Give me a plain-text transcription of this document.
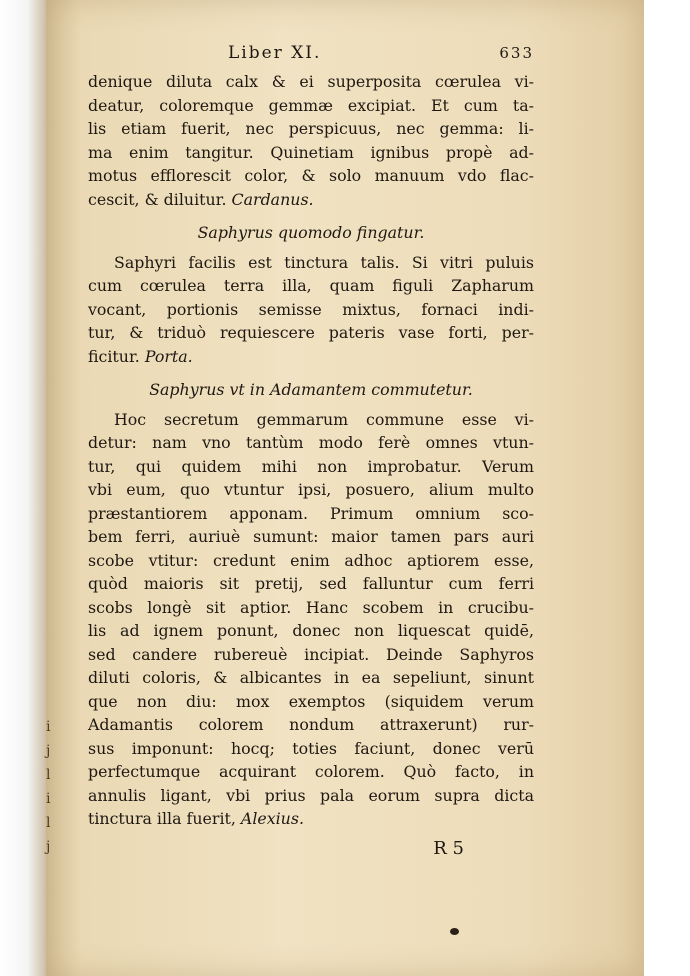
i
j
l
i
l
j
Liber XI.	633
denique diluta calx & ei superposita cœrulea vi-
deatur, coloremque gemmæ excipiat. Et cum ta-
lis etiam fuerit, nec perspicuus, nec gemma: li-
ma enim tangitur. Quinetiam ignibus propè ad-
motus efflorescit color, & solo manuum vdo flac-
cescit, & diluitur. Cardanus.
Saphyrus quomodo fingatur.
Saphyri facilis est tinctura talis. Si vitri puluis
cum cœrulea terra illa, quam figuli Zapharum
vocant, portionis semisse mixtus, fornaci indi-
tur, & triduò requiescere pateris vase forti, per-
ficitur. Porta.
Saphyrus vt in Adamantem commutetur.
Hoc secretum gemmarum commune esse vi-
detur: nam vno tantùm modo ferè omnes vtun-
tur, qui quidem mihi non improbatur. Verum
vbi eum, quo vtuntur ipsi, posuero, alium multo
præstantiorem apponam. Primum omnium sco-
bem ferri, auriuè sumunt: maior tamen pars auri
scobe vtitur: credunt enim adhoc aptiorem esse,
quòd maioris sit pretij, sed falluntur cum ferri
scobs longè sit aptior. Hanc scobem in crucibu-
lis ad ignem ponunt, donec non liquescat quidē,
sed candere rubereuè incipiat. Deinde Saphyros
diluti coloris, & albicantes in ea sepeliunt, sinunt
que non diu: mox exemptos (siquidem verum
Adamantis colorem nondum attraxerunt) rur-
sus imponunt: hocq; toties faciunt, donec verū
perfectumque acquirant colorem. Quò facto, in
annulis ligant, vbi prius pala eorum supra dicta
tinctura illa fuerit, Alexius.
R 5
